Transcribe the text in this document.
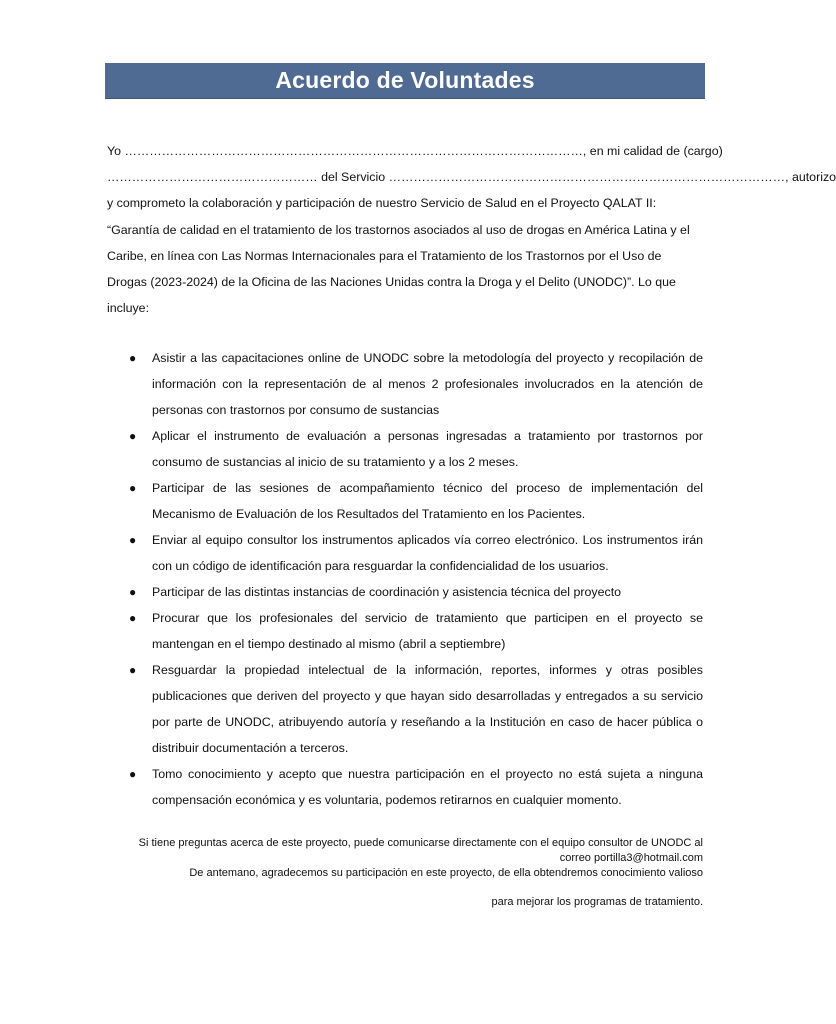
Acuerdo de Voluntades
Yo …………………………………………………………………………………………………, en mi calidad de (cargo)
…………………………………………… del Servicio ……………………………………………………………………………………, autorizo
y comprometo la colaboración y participación de nuestro Servicio de Salud en el Proyecto QALAT II:
“Garantía de calidad en el tratamiento de los trastornos asociados al uso de drogas en América Latina y el
Caribe, en línea con Las Normas Internacionales para el Tratamiento de los Trastornos por el Uso de
Drogas (2023-2024) de la Oficina de las Naciones Unidas contra la Droga y el Delito (UNODC)”. Lo que
incluye:
● Asistir a las capacitaciones online de UNODC sobre la metodología del proyecto y recopilación de información con la representación de al menos 2 profesionales involucrados en la atención de personas con trastornos por consumo de sustancias
● Aplicar el instrumento de evaluación a personas ingresadas a tratamiento por trastornos por consumo de sustancias al inicio de su tratamiento y a los 2 meses.
● Participar de las sesiones de acompañamiento técnico del proceso de implementación del Mecanismo de Evaluación de los Resultados del Tratamiento en los Pacientes.
● Enviar al equipo consultor los instrumentos aplicados vía correo electrónico. Los instrumentos irán con un código de identificación para resguardar la confidencialidad de los usuarios.
● Participar de las distintas instancias de coordinación y asistencia técnica del proyecto
● Procurar que los profesionales del servicio de tratamiento que participen en el proyecto se mantengan en el tiempo destinado al mismo (abril a septiembre)
● Resguardar la propiedad intelectual de la información, reportes, informes y otras posibles publicaciones que deriven del proyecto y que hayan sido desarrolladas y entregados a su servicio por parte de UNODC, atribuyendo autoría y reseñando a la Institución en caso de hacer pública o distribuir documentación a terceros.
● Tomo conocimiento y acepto que nuestra participación en el proyecto no está sujeta a ninguna compensación económica y es voluntaria, podemos retirarnos en cualquier momento.
Si tiene preguntas acerca de este proyecto, puede comunicarse directamente con el equipo consultor de UNODC al
correo portilla3@hotmail.com
De antemano, agradecemos su participación en este proyecto, de ella obtendremos conocimiento valioso
para mejorar los programas de tratamiento.
